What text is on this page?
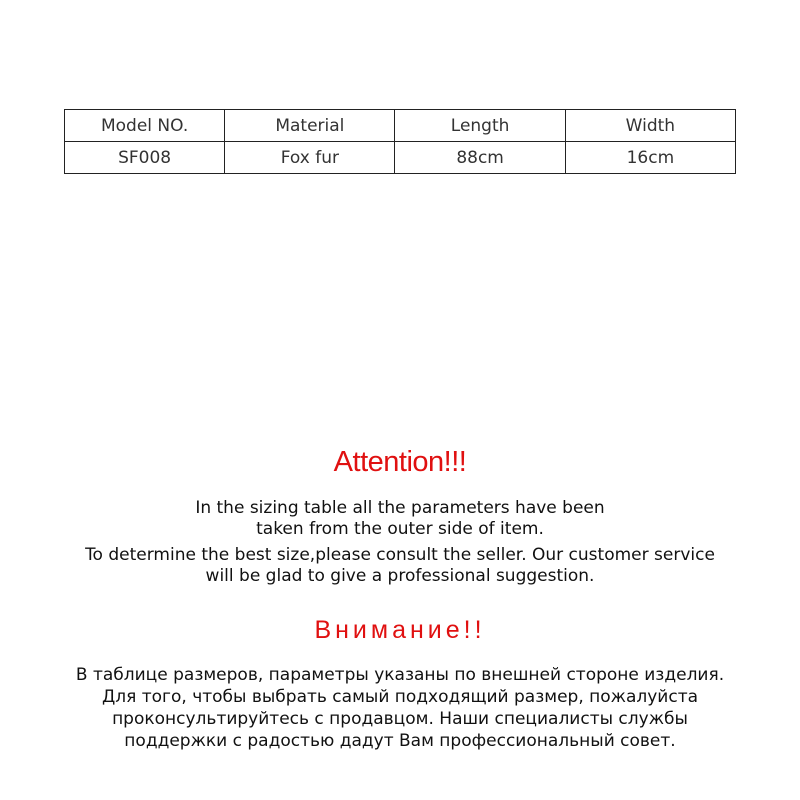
Model NO.	Material	Length	Width
SF008	Fox fur	88cm	16cm
Attention!!!
In the sizing table all the parameters have been
taken from the outer side of item.
To determine the best size,please consult the seller. Our customer service
will be glad to give a professional suggestion.
Внимание!!
В таблице размеров, параметры указаны по внешней стороне изделия.
Для того, чтобы выбрать самый подходящий размер, пожалуйста
проконсультируйтесь с продавцом. Наши специалисты службы
поддержки с радостью дадут Вам профессиональный совет.
